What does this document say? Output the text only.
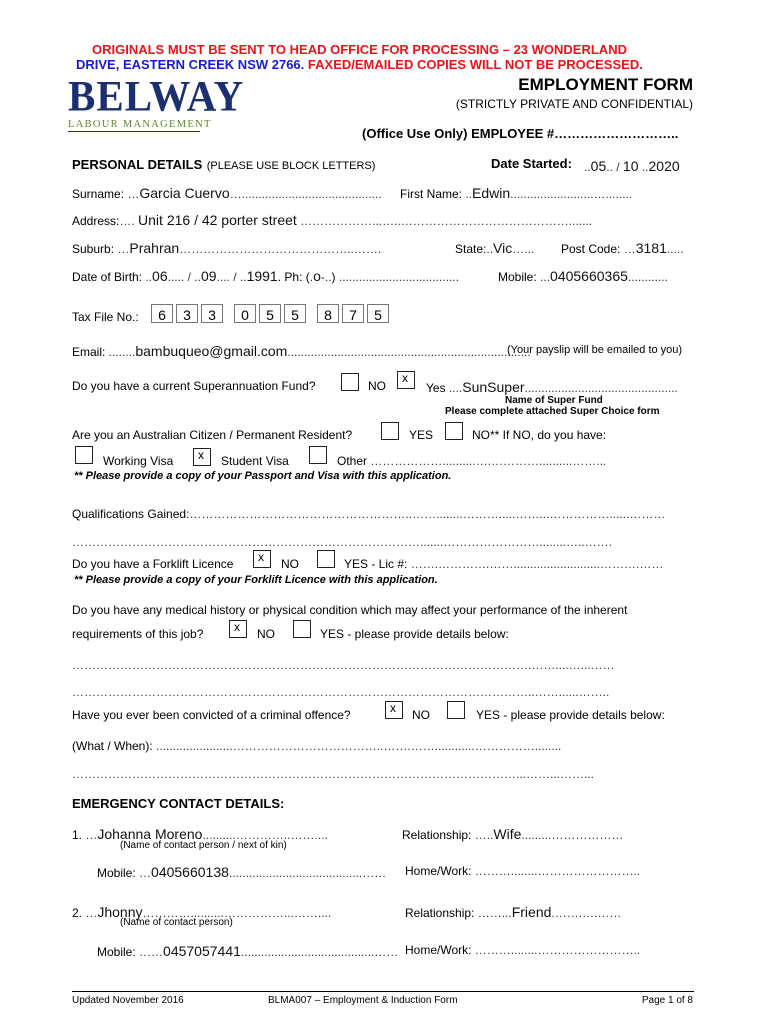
ORIGINALS MUST BE SENT TO HEAD OFFICE FOR PROCESSING – 23 WONDERLAND
DRIVE, EASTERN CREEK NSW 2766. FAXED/EMAILED COPIES WILL NOT BE PROCESSED.
BELWAY
LABOUR MANAGEMENT
EMPLOYMENT FORM
(STRICTLY PRIVATE AND CONFIDENTIAL)
(Office Use Only) EMPLOYEE #………………………..
PERSONAL DETAILS (PLEASE USE BLOCK LETTERS)	Date Started: ..05.. / 10 ..2020
Surname: …Garcia Cuervo….......................................... First Name: ..Edwin.........................…........
Address:…. Unit 216 / 42 porter street ………………...…..…………………………………….......
Suburb: …Prahran……………………………………..…….	State:..Vic…... Post Code: …3181.....
Date of Birth: ..06..... / ..09.... / ..1991. Ph: (.o-..) ....................................	Mobile: ...0405660365............
Tax File No.:	6	3	3	0	5	5	8	7	5
Email: ........bambuqueo@gmail.com.........................................................................
(Your payslip will be emailed to you)
Do you have a current Superannuation Fund?	NO
x
Yes ....SunSuper..............................................
Name of Super Fund
Please complete attached Super Choice form
Are you an Australian Citizen / Permanent Resident?	YES	NO** If NO, do you have:
Working Visa x Student Visa	Other ………………..........….…………..........……...
** Please provide a copy of your Passport and Visa with this application.
Qualifications Gained:………………………………………………..……........……….....……...……………......………
…………………………………………………………………………….......……………………........…..…….
Do you have a Forklift Licence x NO	YES - Lic #: …….………….……..........................……….……
** Please provide a copy of your Forklift Licence with this application.
Do you have any medical history or physical condition which may affect your performance of the inherent
requirements of this job?	x NO	YES - please provide details below:
…………………………………………………………………………………………………….……....…...……
……………………………………………………………………………………………………..……......……..
Have you ever been convicted of a criminal offence?	x NO	YES - please provide details below:
(What / When): .......................………………………………..…….……............……………........
…………………………………………………………………………………………………...……...……...
EMERGENCY CONTACT DETAILS:
1. …Johanna Moreno..........…………..……....	Relationship: …..Wife.........………………
(Name of contact person / next of kin)
Mobile: …0405660138........................................…… Home/Work: ………........……………………..
2. …Jhonny…………..........……………...……....	Relationship: ……...Friend.…….….……
(Name of contact person)
Mobile: ……0457057441........................................…… Home/Work: ………........……………………..
Updated November 2016	BLMA007 – Employment & Induction Form	Page 1 of 8
